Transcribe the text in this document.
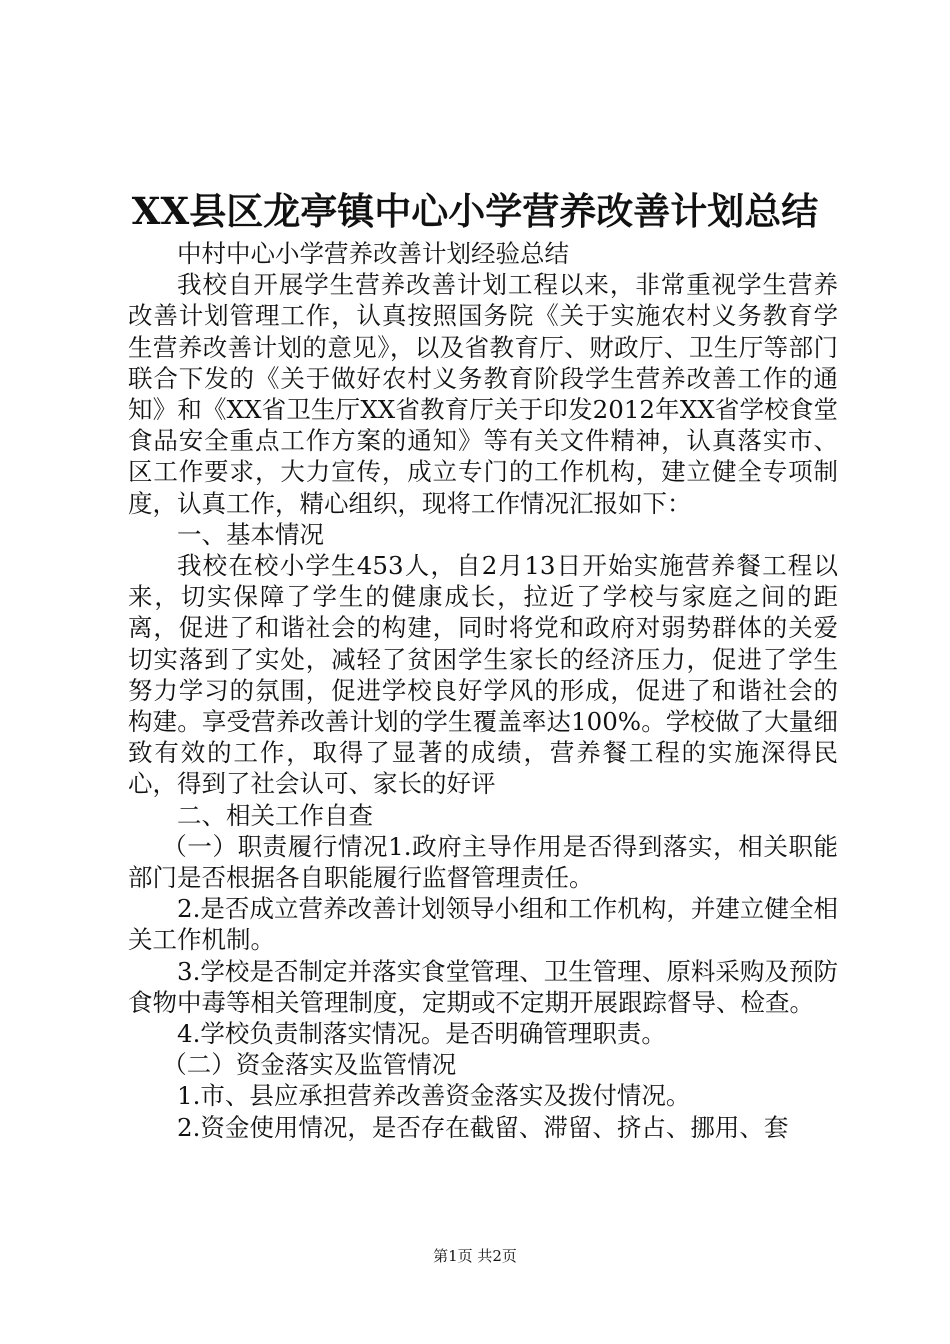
XX县区龙亭镇中心小学营养改善计划总结

中村中心小学营养改善计划经验总结

我校自开展学生营养改善计划工程以来，非常重视学生营养改善计划管理工作，认真按照国务院《关于实施农村义务教育学生营养改善计划的意见》，以及省教育厅、财政厅、卫生厅等部门联合下发的《关于做好农村义务教育阶段学生营养改善工作的通知》和《XX省卫生厅XX省教育厅关于印发2012年XX省学校食堂食品安全重点工作方案的通知》等有关文件精神，认真落实市、区工作要求，大力宣传，成立专门的工作机构，建立健全专项制度，认真工作，精心组织，现将工作情况汇报如下：

一、基本情况

我校在校小学生453人，自2月13日开始实施营养餐工程以来，切实保障了学生的健康成长，拉近了学校与家庭之间的距离，促进了和谐社会的构建，同时将党和政府对弱势群体的关爱切实落到了实处，减轻了贫困学生家长的经济压力，促进了学生努力学习的氛围，促进学校良好学风的形成，促进了和谐社会的构建。享受营养改善计划的学生覆盖率达100%。学校做了大量细致有效的工作，取得了显著的成绩，营养餐工程的实施深得民心，得到了社会认可、家长的好评

二、相关工作自查

（一）职责履行情况1.政府主导作用是否得到落实，相关职能部门是否根据各自职能履行监督管理责任。

2.是否成立营养改善计划领导小组和工作机构，并建立健全相关工作机制。

3.学校是否制定并落实食堂管理、卫生管理、原料采购及预防食物中毒等相关管理制度，定期或不定期开展跟踪督导、检查。

4.学校负责制落实情况。是否明确管理职责。

（二）资金落实及监管情况

1.市、县应承担营养改善资金落实及拨付情况。

2.资金使用情况，是否存在截留、滞留、挤占、挪用、套

第1页 共2页
